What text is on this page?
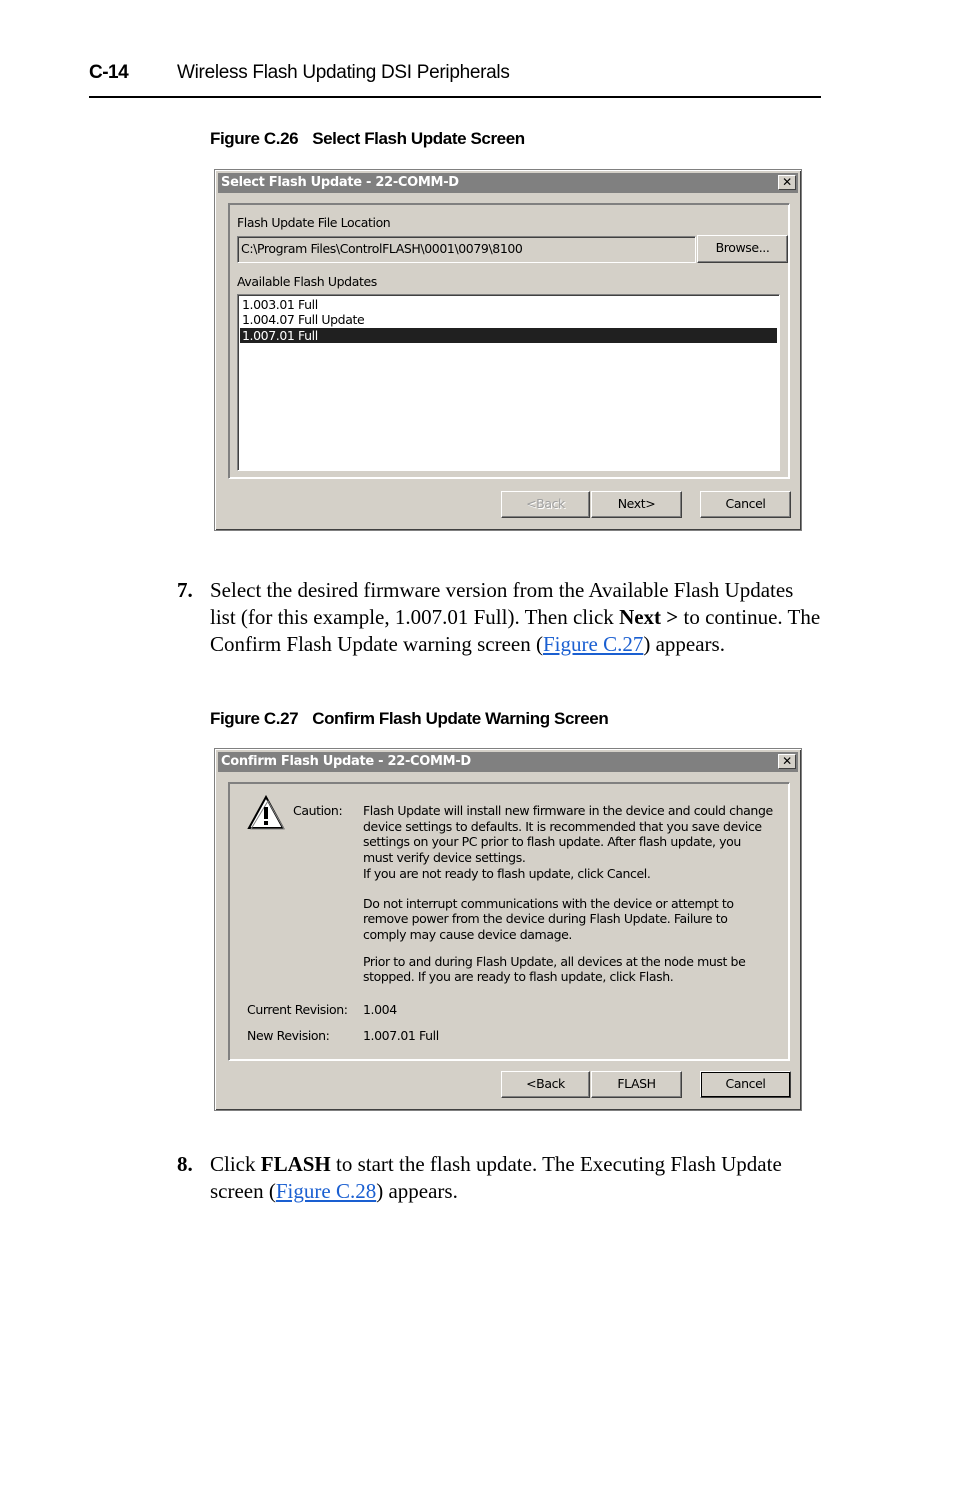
C-14	Wireless Flash Updating DSI Peripherals
Figure C.26 Select Flash Update Screen
Select Flash Update - 22-COMM-D	✕
Flash Update File Location
C:\Program Files\ControlFLASH\0001\0079\8100	Browse...
Available Flash Updates
1.003.01 Full
1.004.07 Full Update
1.007.01 Full
<Back	Next>	Cancel
7. Select the desired firmware version from the Available Flash Updates list (for this example, 1.007.01 Full). Then click Next > to continue. The Confirm Flash Update warning screen (Figure C.27) appears.
Figure C.27 Confirm Flash Update Warning Screen
Confirm Flash Update - 22-COMM-D	✕
Caution: Flash Update will install new firmware in the device and could change device settings to defaults. It is recommended that you save device settings on your PC prior to flash update. After flash update, you must verify device settings.
If you are not ready to flash update, click Cancel.

Do not interrupt communications with the device or attempt to remove power from the device during Flash Update. Failure to comply may cause device damage.

Prior to and during Flash Update, all devices at the node must be stopped. If you are ready to flash update, click Flash.

Current Revision: 1.004
New Revision:	1.007.01 Full
<Back	FLASH	Cancel
8. Click FLASH to start the flash update. The Executing Flash Update screen (Figure C.28) appears.
